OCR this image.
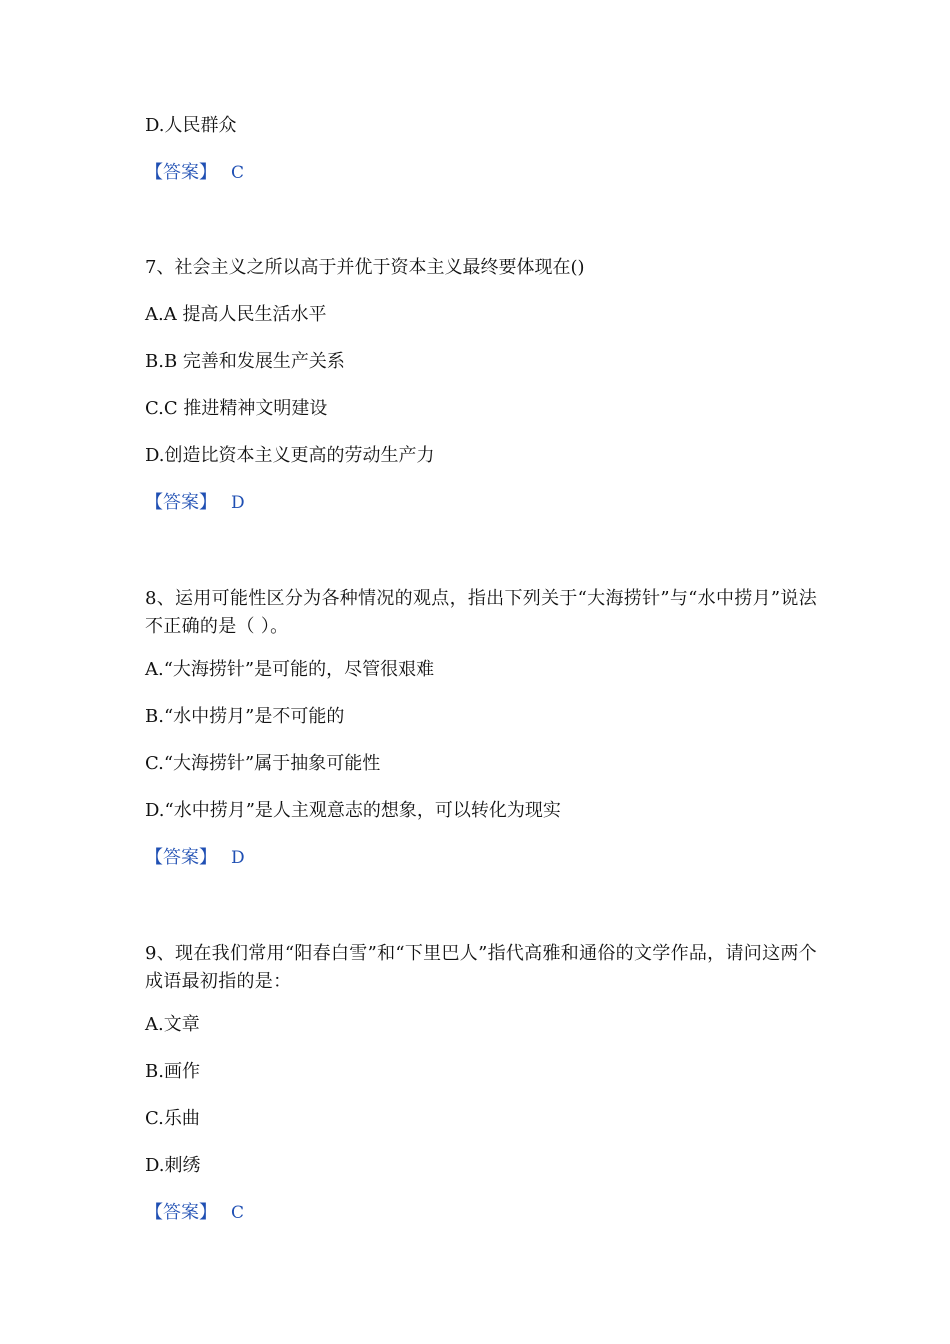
D.人民群众

【答案】 C

7、社会主义之所以高于并优于资本主义最终要体现在()

A.A 提高人民生活水平

B.B 完善和发展生产关系

C.C 推进精神文明建设

D.创造比资本主义更高的劳动生产力

【答案】 D

8、运用可能性区分为各种情况的观点，指出下列关于“大海捞针”与“水中捞月”说法不正确的是（ ）。

A.“大海捞针”是可能的，尽管很艰难

B.“水中捞月”是不可能的

C.“大海捞针”属于抽象可能性

D.“水中捞月”是人主观意志的想象，可以转化为现实

【答案】 D

9、现在我们常用“阳春白雪”和“下里巴人”指代高雅和通俗的文学作品，请问这两个成语最初指的是：

A.文章

B.画作

C.乐曲

D.刺绣

【答案】 C
